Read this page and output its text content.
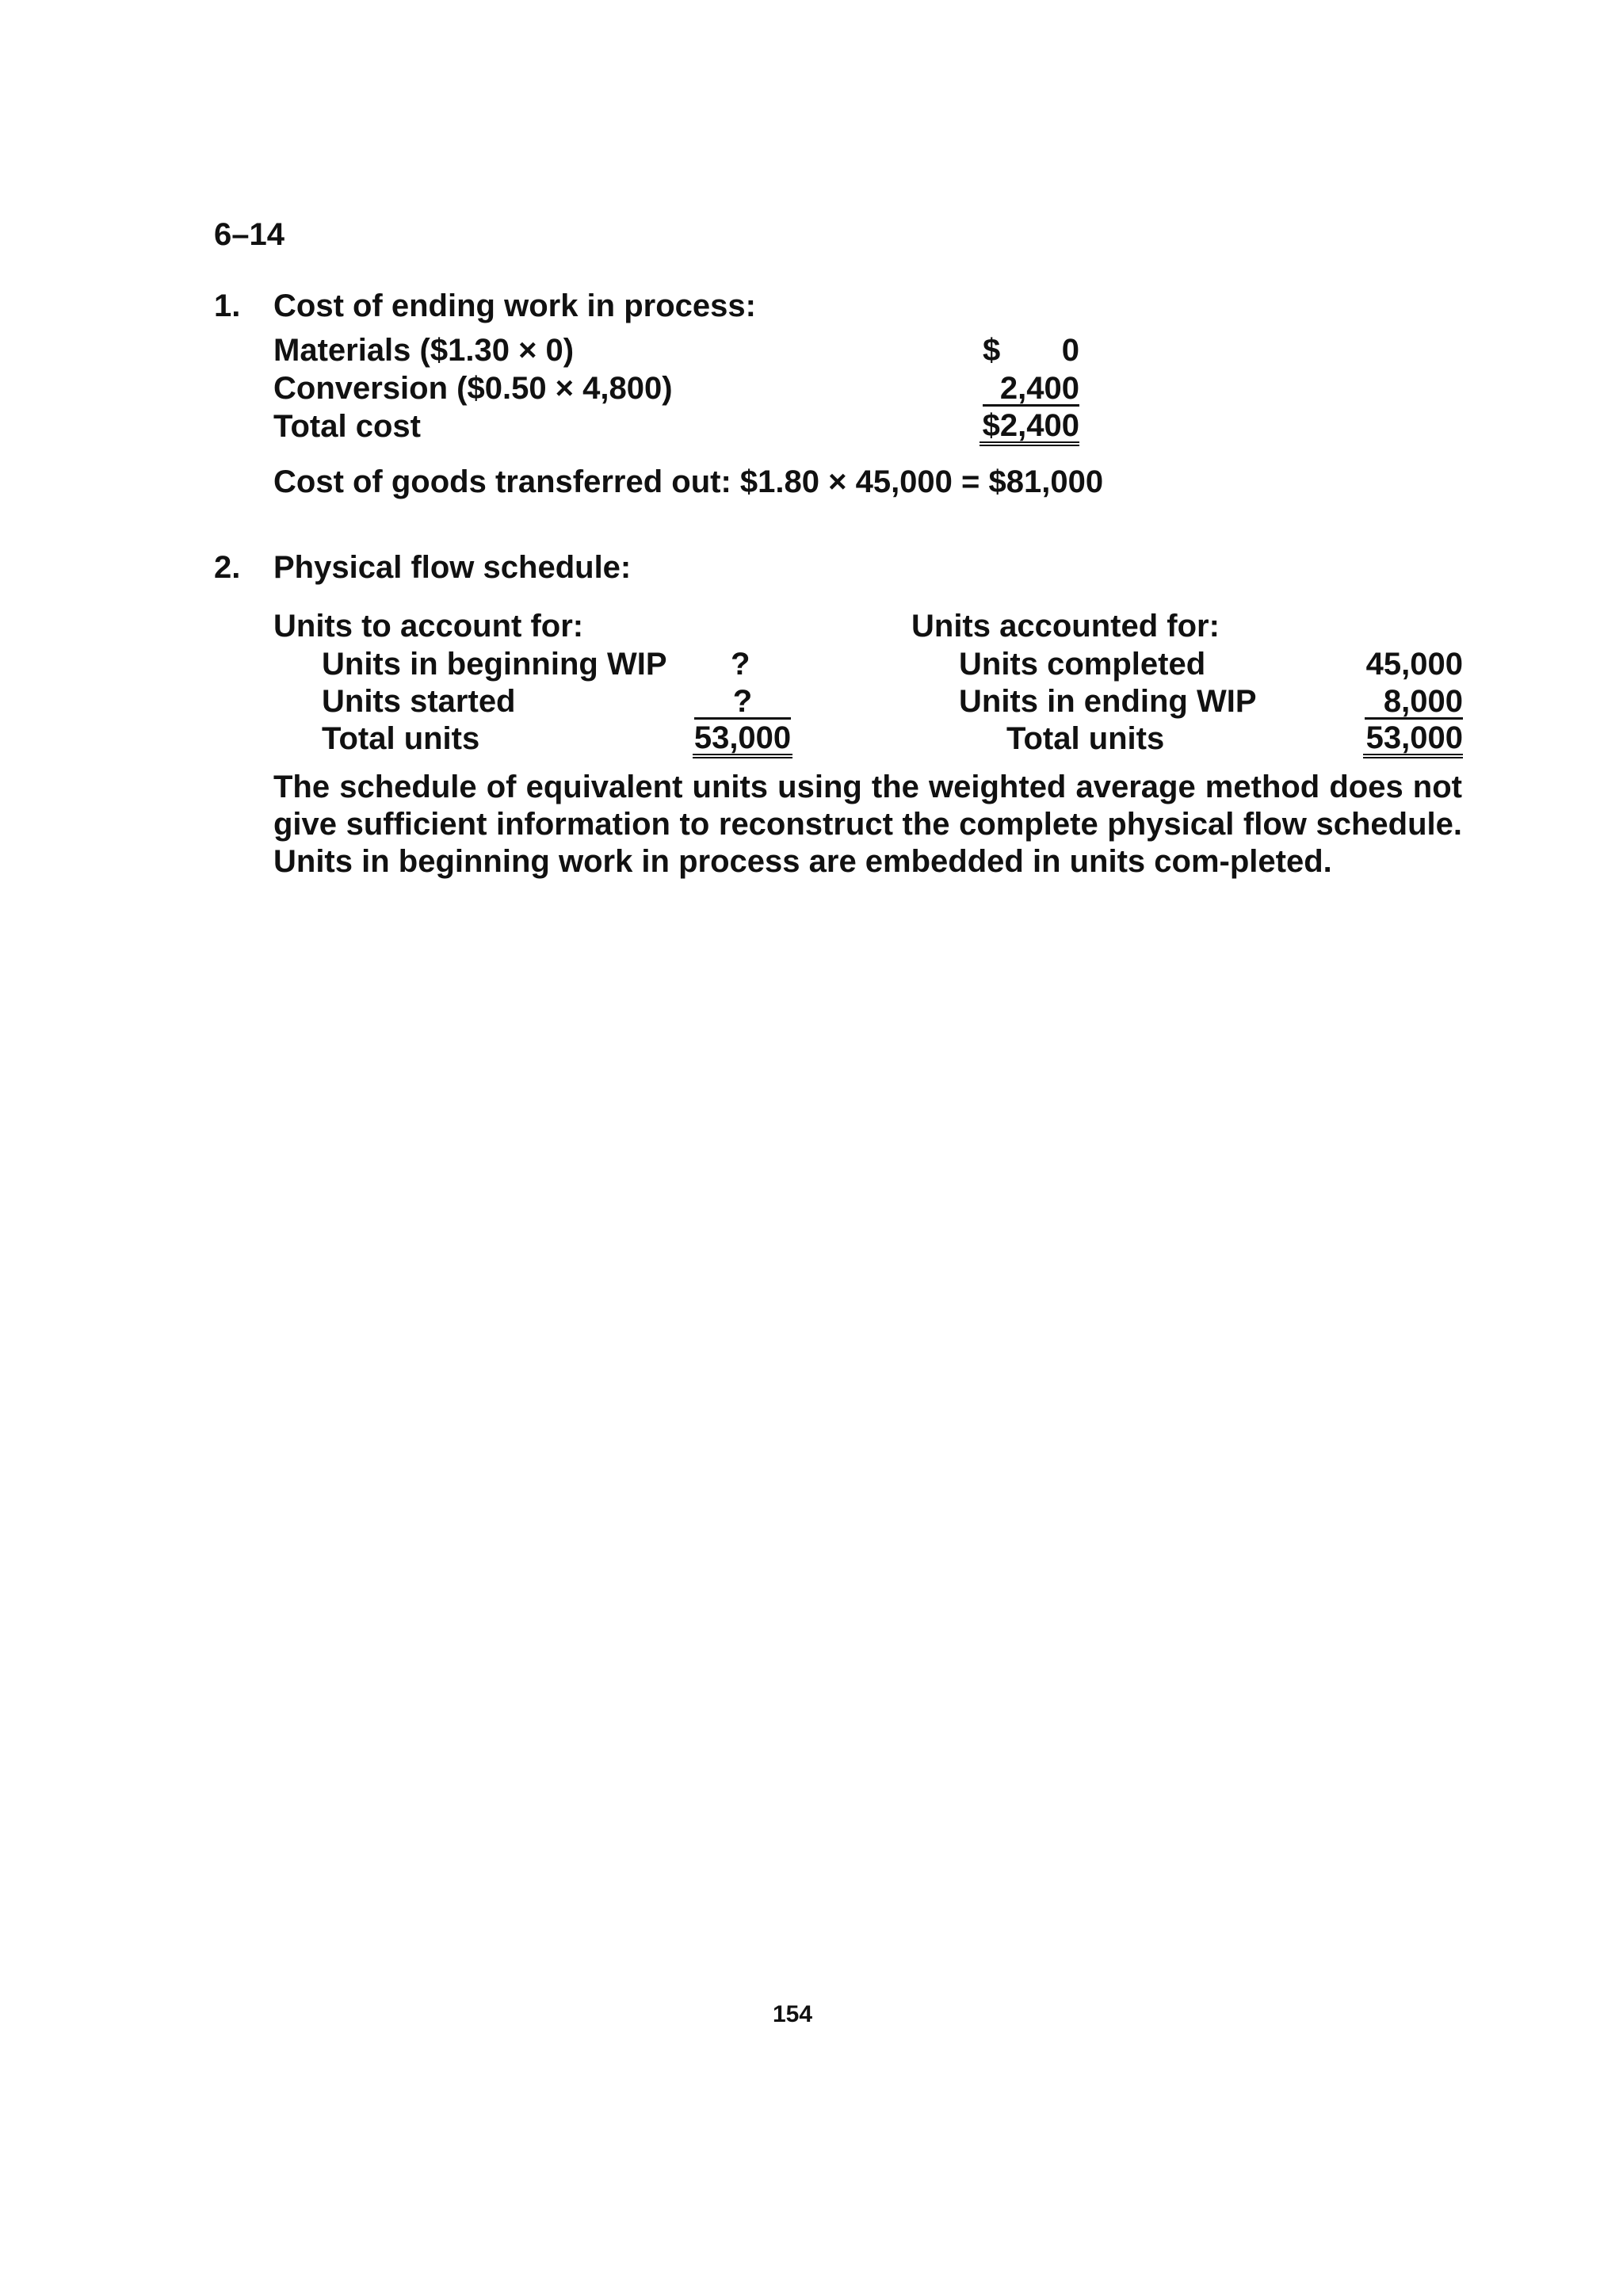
6–14
1. Cost of ending work in process:
Materials ($1.30 × 0)	$	0
Conversion ($0.50 × 4,800)	2,400
Total cost	$2,400
Cost of goods transferred out: $1.80 × 45,000 = $81,000
2. Physical flow schedule:
Units to account for:
Units in beginning WIP ?
Units started	?
Total units	53,000
Units accounted for:
Units completed	45,000
Units in ending WIP	8,000
Total units	53,000
The schedule of equivalent units using the weighted average method does not give sufficient information to reconstruct the complete physical flow schedule. Units in beginning work in process are embedded in units com-pleted.
154
